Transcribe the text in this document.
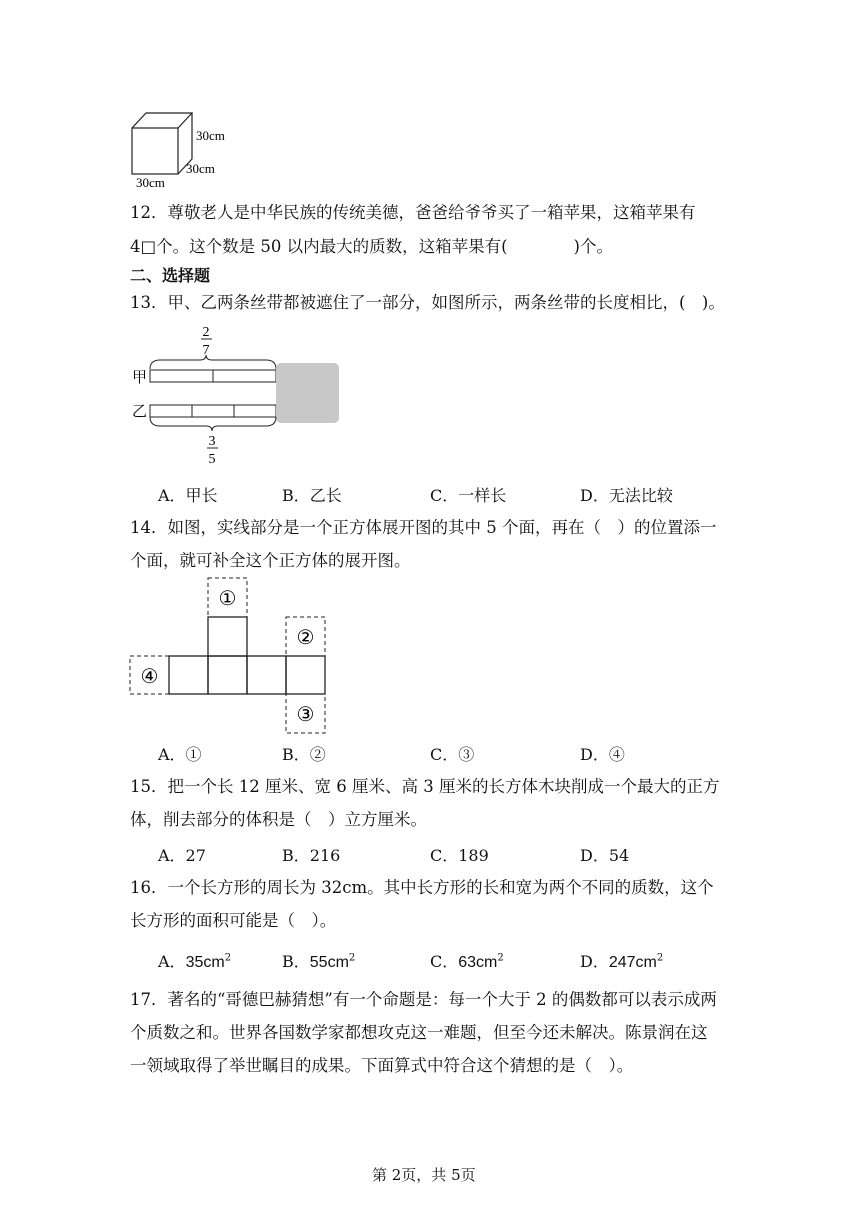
30cm
30cm
30cm
12．尊敬老人是中华民族的传统美德，爸爸给爷爷买了一箱苹果，这箱苹果有
4□个。这个数是 50 以内最大的质数，这箱苹果有(　　　　)个。
二、选择题
13．甲、乙两条丝带都被遮住了一部分，如图所示，两条丝带的长度相比，(　)。
2
7
甲
乙
3
5
A．甲长	B．乙长	C．一样长	D．无法比较
14．如图，实线部分是一个正方体展开图的其中 5 个面，再在（　）的位置添一
个面，就可补全这个正方体的展开图。
①
②
③
④
A．①	B．②	C．③	D．④
15．把一个长 12 厘米、宽 6 厘米、高 3 厘米的长方体木块削成一个最大的正方
体，削去部分的体积是（　）立方厘米。
A．27	B．216	C．189	D．54
16．一个长方形的周长为 32cm。其中长方形的长和宽为两个不同的质数，这个
长方形的面积可能是（　）。
A．$35cm^2$	B．$55cm^2$	C．$63cm^2$	D．$247cm^2$
17．著名的“哥德巴赫猜想”有一个命题是：每一个大于 2 的偶数都可以表示成两
个质数之和。世界各国数学家都想攻克这一难题，但至今还未解决。陈景润在这
一领域取得了举世瞩目的成果。下面算式中符合这个猜想的是（　）。
第 2页，共 5页
